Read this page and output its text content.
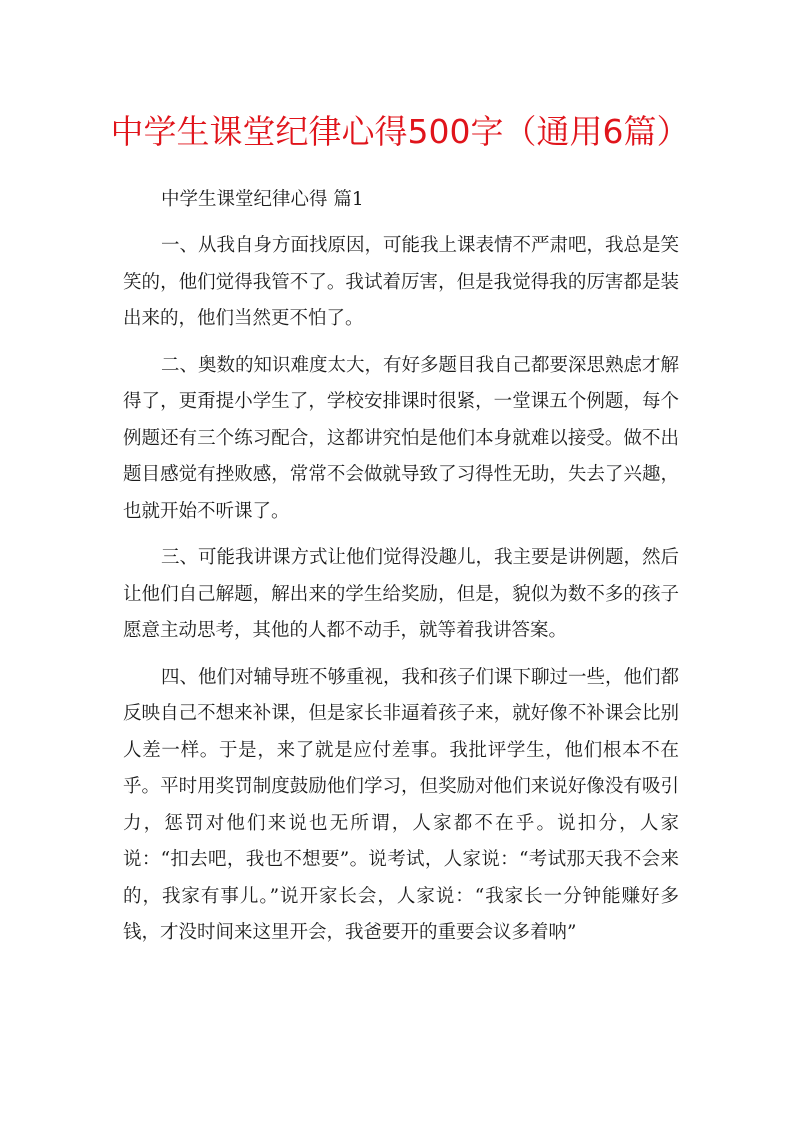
中学生课堂纪律心得500字（通用6篇）
中学生课堂纪律心得 篇1

一、从我自身方面找原因，可能我上课表情不严肃吧，我总是笑笑的，他们觉得我管不了。我试着厉害，但是我觉得我的厉害都是装出来的，他们当然更不怕了。

二、奥数的知识难度太大，有好多题目我自己都要深思熟虑才解得了，更甭提小学生了，学校安排课时很紧，一堂课五个例题，每个例题还有三个练习配合，这都讲究怕是他们本身就难以接受。做不出题目感觉有挫败感，常常不会做就导致了习得性无助，失去了兴趣，也就开始不听课了。

三、可能我讲课方式让他们觉得没趣儿，我主要是讲例题，然后让他们自己解题，解出来的学生给奖励，但是，貌似为数不多的孩子愿意主动思考，其他的人都不动手，就等着我讲答案。

四、他们对辅导班不够重视，我和孩子们课下聊过一些，他们都反映自己不想来补课，但是家长非逼着孩子来，就好像不补课会比别人差一样。于是，来了就是应付差事。我批评学生，他们根本不在乎。平时用奖罚制度鼓励他们学习，但奖励对他们来说好像没有吸引力，惩罚对他们来说也无所谓，人家都不在乎。说扣分，人家说：“扣去吧，我也不想要”。说考试，人家说：“考试那天我不会来的，我家有事儿。”说开家长会，人家说：“我家长一分钟能赚好多钱，才没时间来这里开会，我爸要开的重要会议多着呐”
